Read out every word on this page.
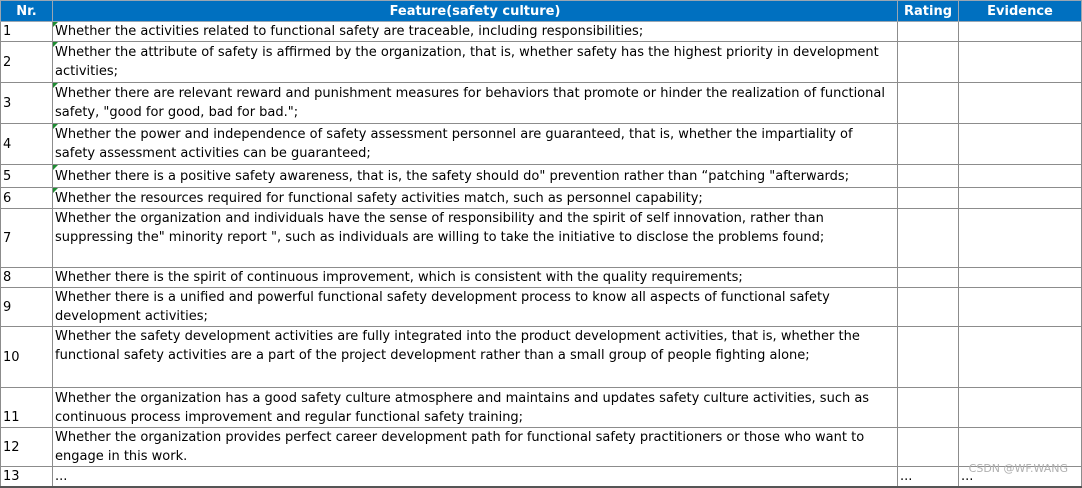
Nr.	Feature(safety culture)	Rating	Evidence
1	Whether the activities related to functional safety are traceable, including responsibilities;		
2	Whether the attribute of safety is affirmed by the organization, that is, whether safety has the highest priority in development activities;		
3	Whether there are relevant reward and punishment measures for behaviors that promote or hinder the realization of functional safety, "good for good, bad for bad.";		
4	Whether the power and independence of safety assessment personnel are guaranteed, that is, whether the impartiality of safety assessment activities can be guaranteed;		
5	Whether there is a positive safety awareness, that is, the safety should do" prevention rather than “patching "afterwards;		
6	Whether the resources required for functional safety activities match, such as personnel capability;		
7	Whether the organization and individuals have the sense of responsibility and the spirit of self innovation, rather than suppressing the" minority report ", such as individuals are willing to take the initiative to disclose the problems found;		
8	Whether there is the spirit of continuous improvement, which is consistent with the quality requirements;		
9	Whether there is a unified and powerful functional safety development process to know all aspects of functional safety development activities;		
10	Whether the safety development activities are fully integrated into the product development activities, that is, whether the functional safety activities are a part of the project development rather than a small group of people fighting alone;		
11	Whether the organization has a good safety culture atmosphere and maintains and updates safety culture activities, such as continuous process improvement and regular functional safety training;		
12	Whether the organization provides perfect career development path for functional safety practitioners or those who want to engage in this work.		
13	...	...	...
CSDN @WF.WANG
